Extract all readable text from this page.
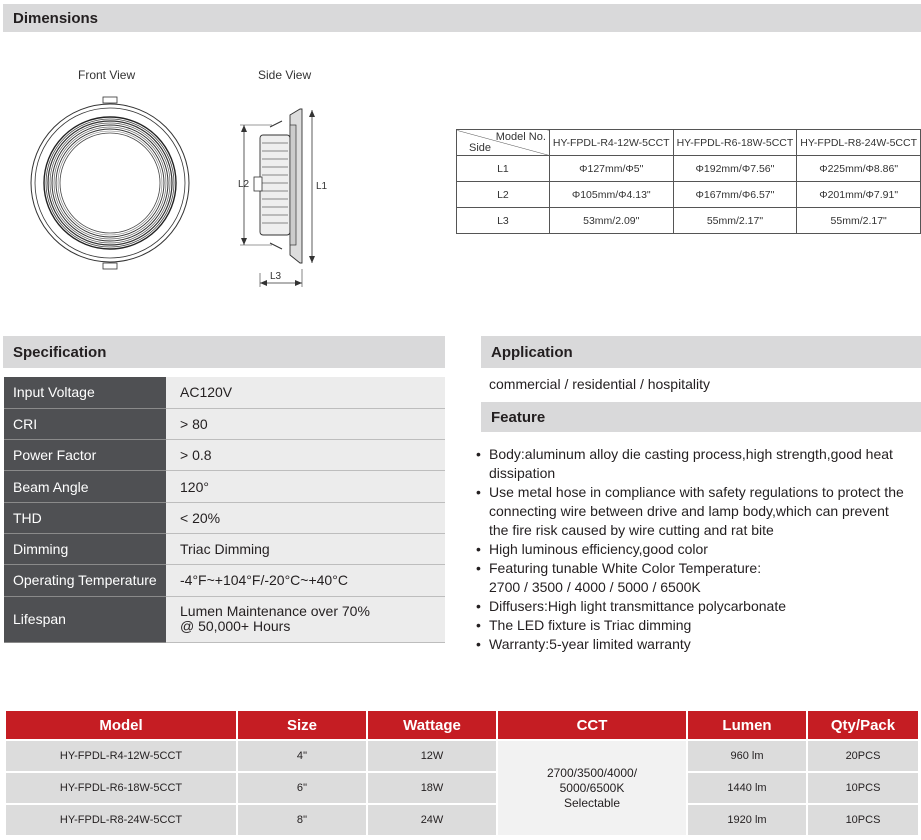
Dimensions
Front View	Side View
L2	L1
L3
Model No.
Side	HY-FPDL-R4-12W-5CCT	HY-FPDL-R6-18W-5CCT	HY-FPDL-R8-24W-5CCT
L1	Φ127mm/Φ5"	Φ192mm/Φ7.56"	Φ225mm/Φ8.86"
L2	Φ105mm/Φ4.13"	Φ167mm/Φ6.57"	Φ201mm/Φ7.91"
L3	53mm/2.09"	55mm/2.17"	55mm/2.17"
Specification
Input Voltage	AC120V
CRI	> 80
Power Factor	> 0.8
Beam Angle	120°
THD	< 20%
Dimming	Triac Dimming
Operating Temperature	-4°F~+104°F/-20°C~+40°C
Lifespan	Lumen Maintenance over 70%
@ 50,000+ Hours
Application
commercial / residential / hospitality
Feature
• Body:aluminum alloy die casting process,high strength,good heat
dissipation
• Use metal hose in compliance with safety regulations to protect the
connecting wire between drive and lamp body,which can prevent
the fire risk caused by wire cutting and rat bite
• High luminous efficiency,good color
• Featuring tunable White Color Temperature:
2700 / 3500 / 4000 / 5000 / 6500K
• Diffusers:High light transmittance polycarbonate
• The LED fixture is Triac dimming
• Warranty:5-year limited warranty
Model	Size	Wattage	CCT	Lumen	Qty/Pack
HY-FPDL-R4-12W-5CCT	4''	12W	2700/3500/4000/
5000/6500K
Selectable	960 lm	20PCS
HY-FPDL-R6-18W-5CCT	6''	18W		1440 lm	10PCS
HY-FPDL-R8-24W-5CCT	8''	24W		1920 lm	10PCS
